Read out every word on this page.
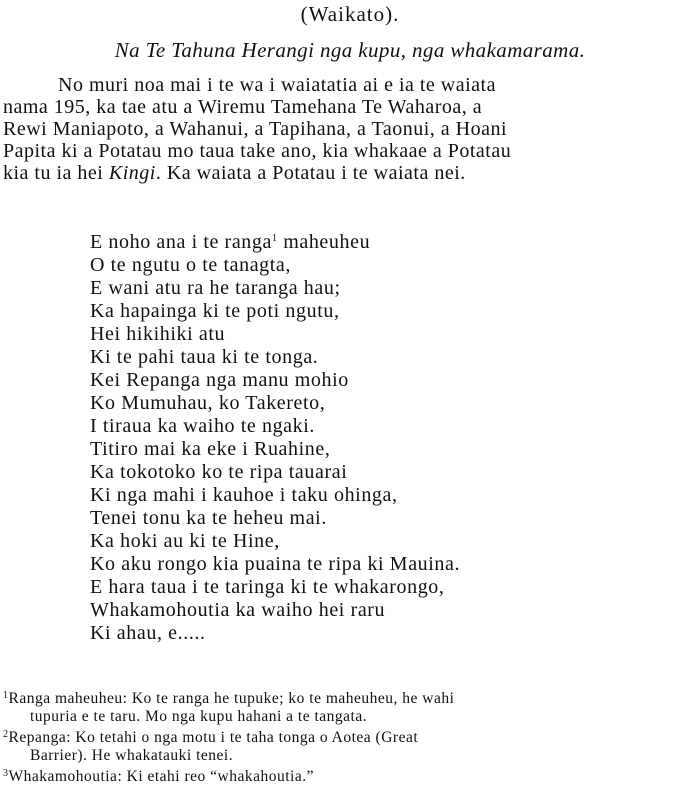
(Waikato).
Na Te Tahuna Herangi nga kupu, nga whakamarama.
No muri noa mai i te wa i waiatatia ai e ia te waiata
nama 195, ka tae atu a Wiremu Tamehana Te Waharoa, a
Rewi Maniapoto, a Wahanui, a Tapihana, a Taonui, a Hoani
Papita ki a Potatau mo taua take ano, kia whakaae a Potatau
kia tu ia hei Kingi. Ka waiata a Potatau i te waiata nei.
E noho ana i te ranga$^1$ maheuheu
O te ngutu o te tanagta,
E wani atu ra he taranga hau;
Ka hapainga ki te poti ngutu,
Hei hikihiki atu
Ki te pahi taua ki te tonga.
Kei Repanga nga manu mohio
Ko Mumuhau, ko Takereto,
I tiraua ka waiho te ngaki.
Titiro mai ka eke i Ruahine,
Ka tokotoko ko te ripa tauarai
Ki nga mahi i kauhoe i taku ohinga,
Tenei tonu ka te heheu mai.
Ka hoki au ki te Hine,
Ko aku rongo kia puaina te ripa ki Mauina.
E hara taua i te taringa ki te whakarongo,
Whakamohoutia ka waiho hei raru
Ki ahau, e.....
$^1$Ranga maheuheu: Ko te ranga he tupuke; ko te maheuheu, he wahi
tupuria e te taru. Mo nga kupu hahani a te tangata.
$^2$Repanga: Ko tetahi o nga motu i te taha tonga o Aotea (Great
Barrier). He whakatauki tenei.
$^3$Whakamohoutia: Ki etahi reo “whakahoutia.”
